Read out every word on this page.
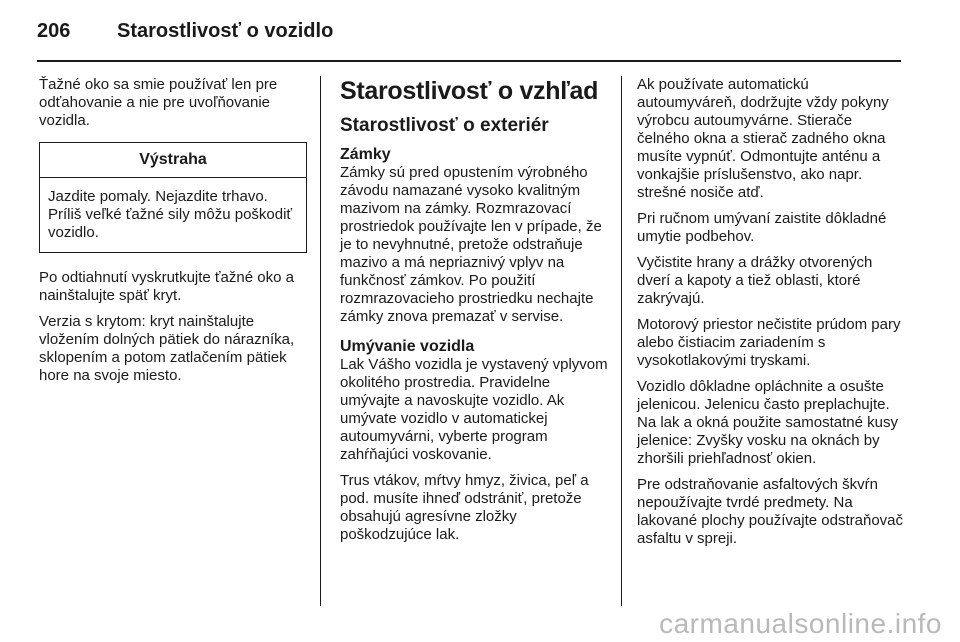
206	Starostlivosť o vozidlo

Ťažné oko sa smie používať len pre odťahovanie a nie pre uvoľňovanie vozidla.

Výstraha
Jazdite pomaly. Nejazdite trhavo. Príliš veľké ťažné sily môžu poškodiť vozidlo.

Po odtiahnutí vyskrutkujte ťažné oko a nainštalujte späť kryt.

Verzia s krytom: kryt nainštalujte vložením dolných pätiek do nárazníka, sklopením a potom zatlačením pätiek hore na svoje miesto.

Starostlivosť o vzhľad
Starostlivosť o exteriér
Zámky

Zámky sú pred opustením výrobného závodu namazané vysoko kvalitným mazivom na zámky. Rozmrazovací prostriedok používajte len v prípade, že je to nevyhnutné, pretože odstraňuje mazivo a má nepriaznivý vplyv na funkčnosť zámkov. Po použití rozmrazovacieho prostriedku nechajte zámky znova premazať v servise.

Umývanie vozidla

Lak Vášho vozidla je vystavený vplyvom okolitého prostredia. Pravidelne umývajte a navoskujte vozidlo. Ak umývate vozidlo v automatickej autoumyvárni, vyberte program zahŕňajúci voskovanie.

Trus vtákov, mŕtvy hmyz, živica, peľ a pod. musíte ihneď odstrániť, pretože obsahujú agresívne zložky poškodzujúce lak.

Ak používate automatickú autoumyváreň, dodržujte vždy pokyny výrobcu autoumyvárne. Stierače čelného okna a stierač zadného okna musíte vypnúť. Odmontujte anténu a vonkajšie príslušenstvo, ako napr. strešné nosiče atď.

Pri ručnom umývaní zaistite dôkladné umytie podbehov.

Vyčistite hrany a drážky otvorených dverí a kapoty a tiež oblasti, ktoré zakrývajú.

Motorový priestor nečistite prúdom pary alebo čistiacim zariadením s vysokotlakovými tryskami.

Vozidlo dôkladne opláchnite a osušte jelenicou. Jelenicu často preplachujte. Na lak a okná použite samostatné kusy jelenice: Zvyšky vosku na oknách by zhoršili priehľadnosť okien.

Pre odstraňovanie asfaltových škvŕn nepoužívajte tvrdé predmety. Na lakované plochy používajte odstraňovač asfaltu v spreji.

carmanualsonline.info
